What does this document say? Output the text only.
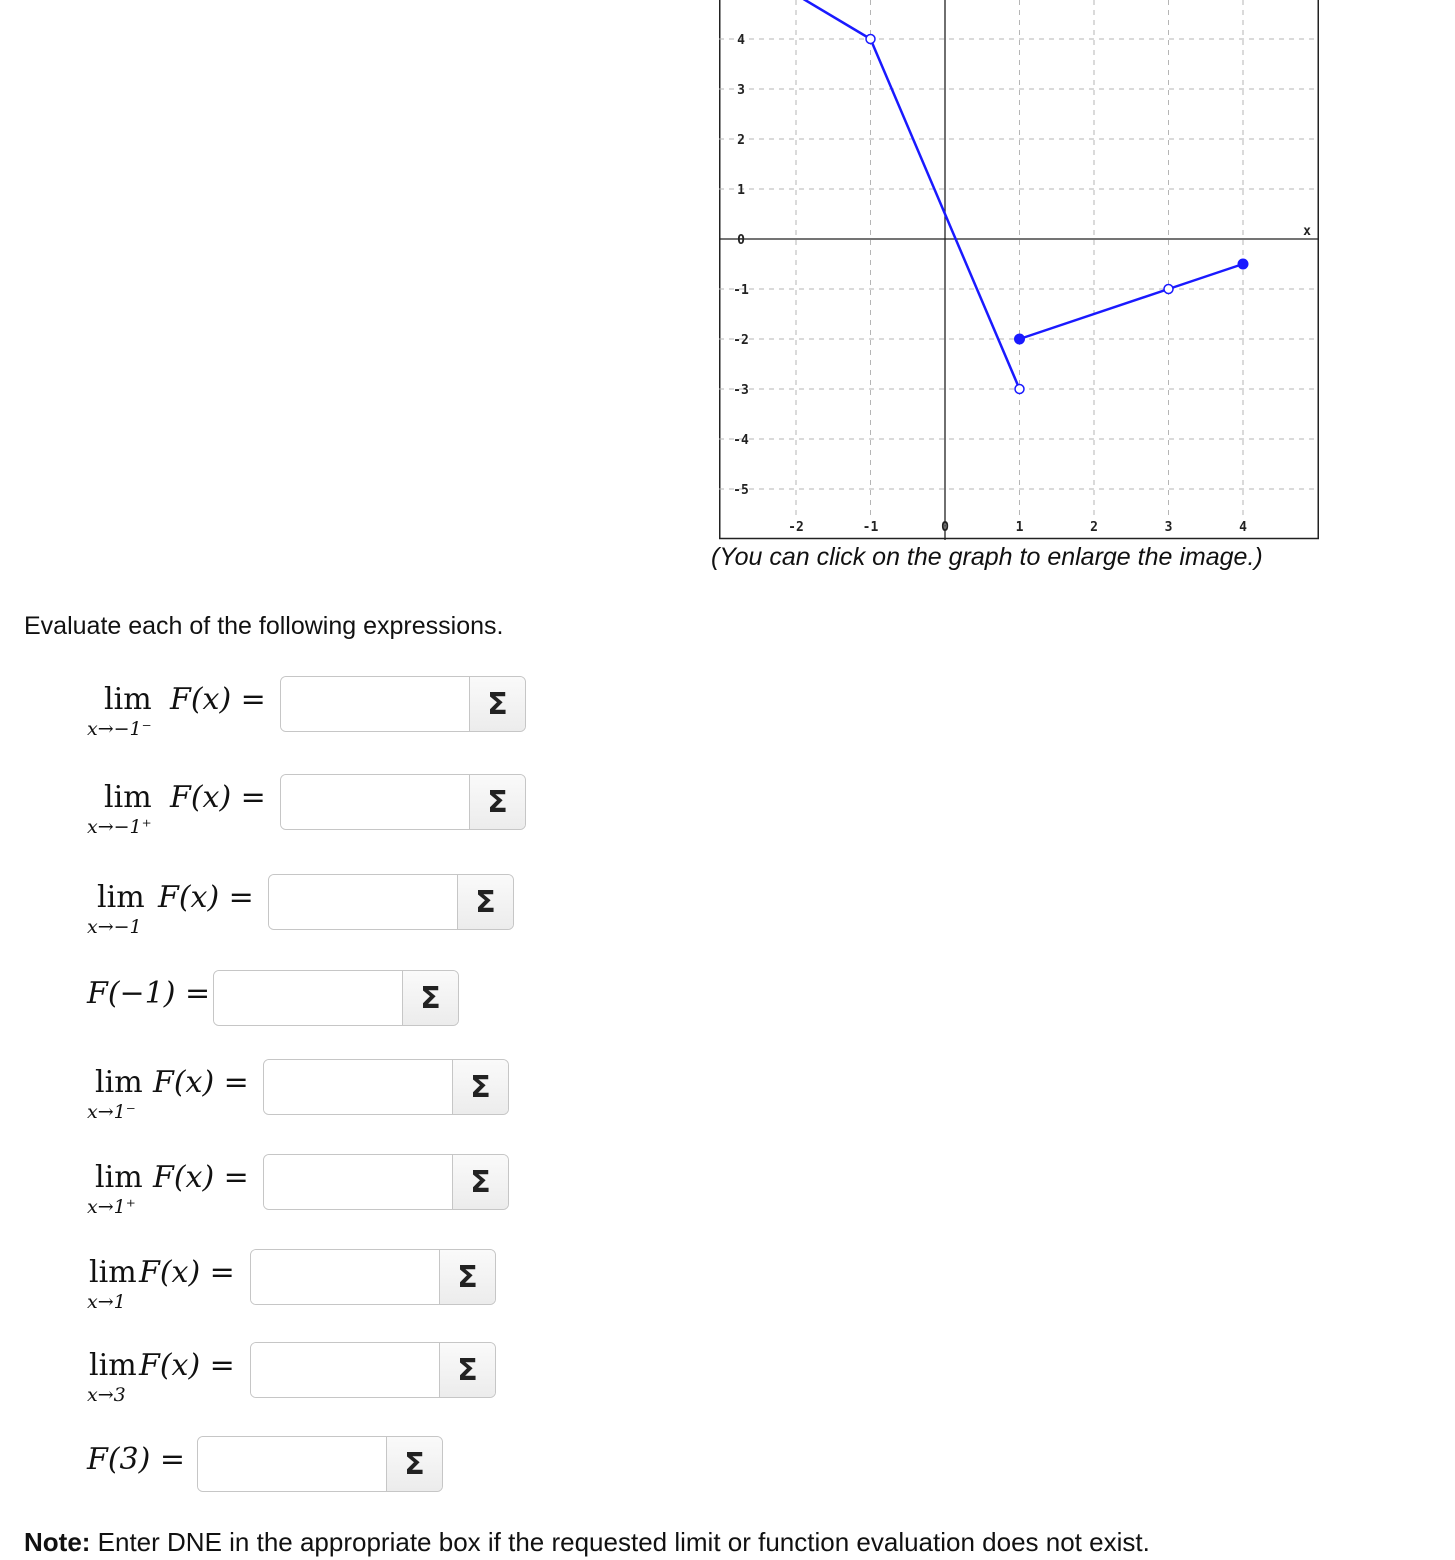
4
3
2
1
0
-1
-2
-3
-4
-5
-2	-1	0	1	2	3	4
x
(You can click on the graph to enlarge the image.)
Evaluate each of the following expressions.
lim
x→−1⁻
F(x) =	Σ
lim
x→−1⁺
F(x) =	Σ
lim
x→−1
F(x) =	Σ
F(−1) =	Σ
lim
x→1⁻
F(x) =	Σ
lim
x→1⁺
F(x) =	Σ
lim
x→1
F(x) =	Σ
lim
x→3
F(x) =	Σ
F(3) =	Σ
Note: Enter DNE in the appropriate box if the requested limit or function evaluation does not exist.
